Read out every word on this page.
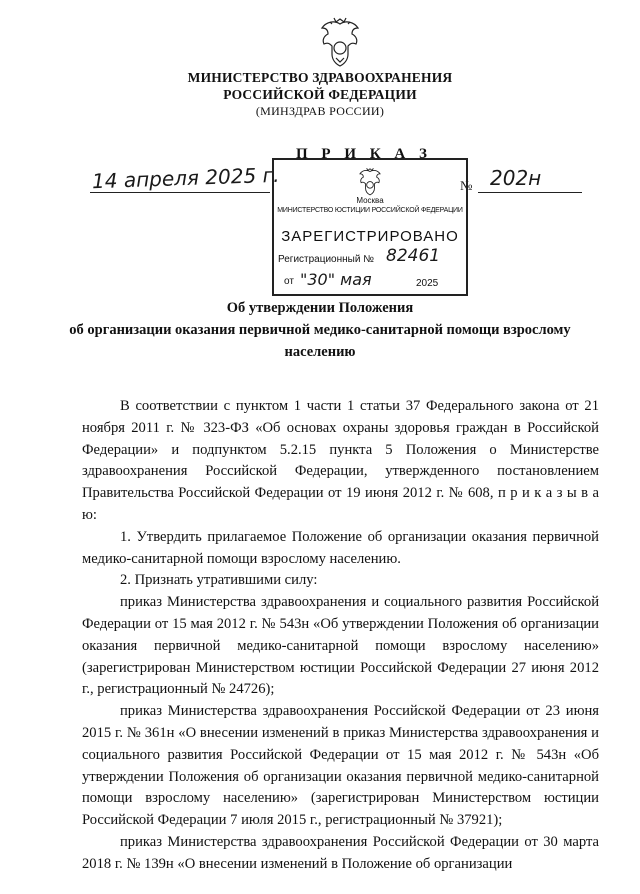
МИНИСТЕРСТВО ЗДРАВООХРАНЕНИЯ
РОССИЙСКОЙ ФЕДЕРАЦИИ
(МИНЗДРАВ РОССИИ)
П Р И К А З
14 апреля 2025 г.	№ 202н
Москва
МИНИСТЕРСТВО ЮСТИЦИИ РОССИЙСКОЙ ФЕДЕРАЦИИ
ЗАРЕГИСТРИРОВАНО
Регистрационный № 82461
от "30" мая	2025
Об утверждении Положения
об организации оказания первичной медико-санитарной помощи взрослому
населению

В соответствии с пунктом 1 части 1 статьи 37 Федерального закона от 21 ноября 2011 г. № 323-ФЗ «Об основах охраны здоровья граждан в Российской Федерации» и подпунктом 5.2.15 пункта 5 Положения о Министерстве здравоохранения Российской Федерации, утвержденного постановлением Правительства Российской Федерации от 19 июня 2012 г. № 608, п р и к а з ы в а ю:

1. Утвердить прилагаемое Положение об организации оказания первичной медико-санитарной помощи взрослому населению.

2. Признать утратившими силу:

приказ Министерства здравоохранения и социального развития Российской Федерации от 15 мая 2012 г. № 543н «Об утверждении Положения об организации оказания первичной медико-санитарной помощи взрослому населению» (зарегистрирован Министерством юстиции Российской Федерации 27 июня 2012 г., регистрационный № 24726);

приказ Министерства здравоохранения Российской Федерации от 23 июня 2015 г. № 361н «О внесении изменений в приказ Министерства здравоохранения и социального развития Российской Федерации от 15 мая 2012 г. № 543н «Об утверждении Положения об организации оказания первичной медико-санитарной помощи взрослому населению» (зарегистрирован Министерством юстиции Российской Федерации 7 июля 2015 г., регистрационный № 37921);

приказ Министерства здравоохранения Российской Федерации от 30 марта 2018 г. № 139н «О внесении изменений в Положение об организации
